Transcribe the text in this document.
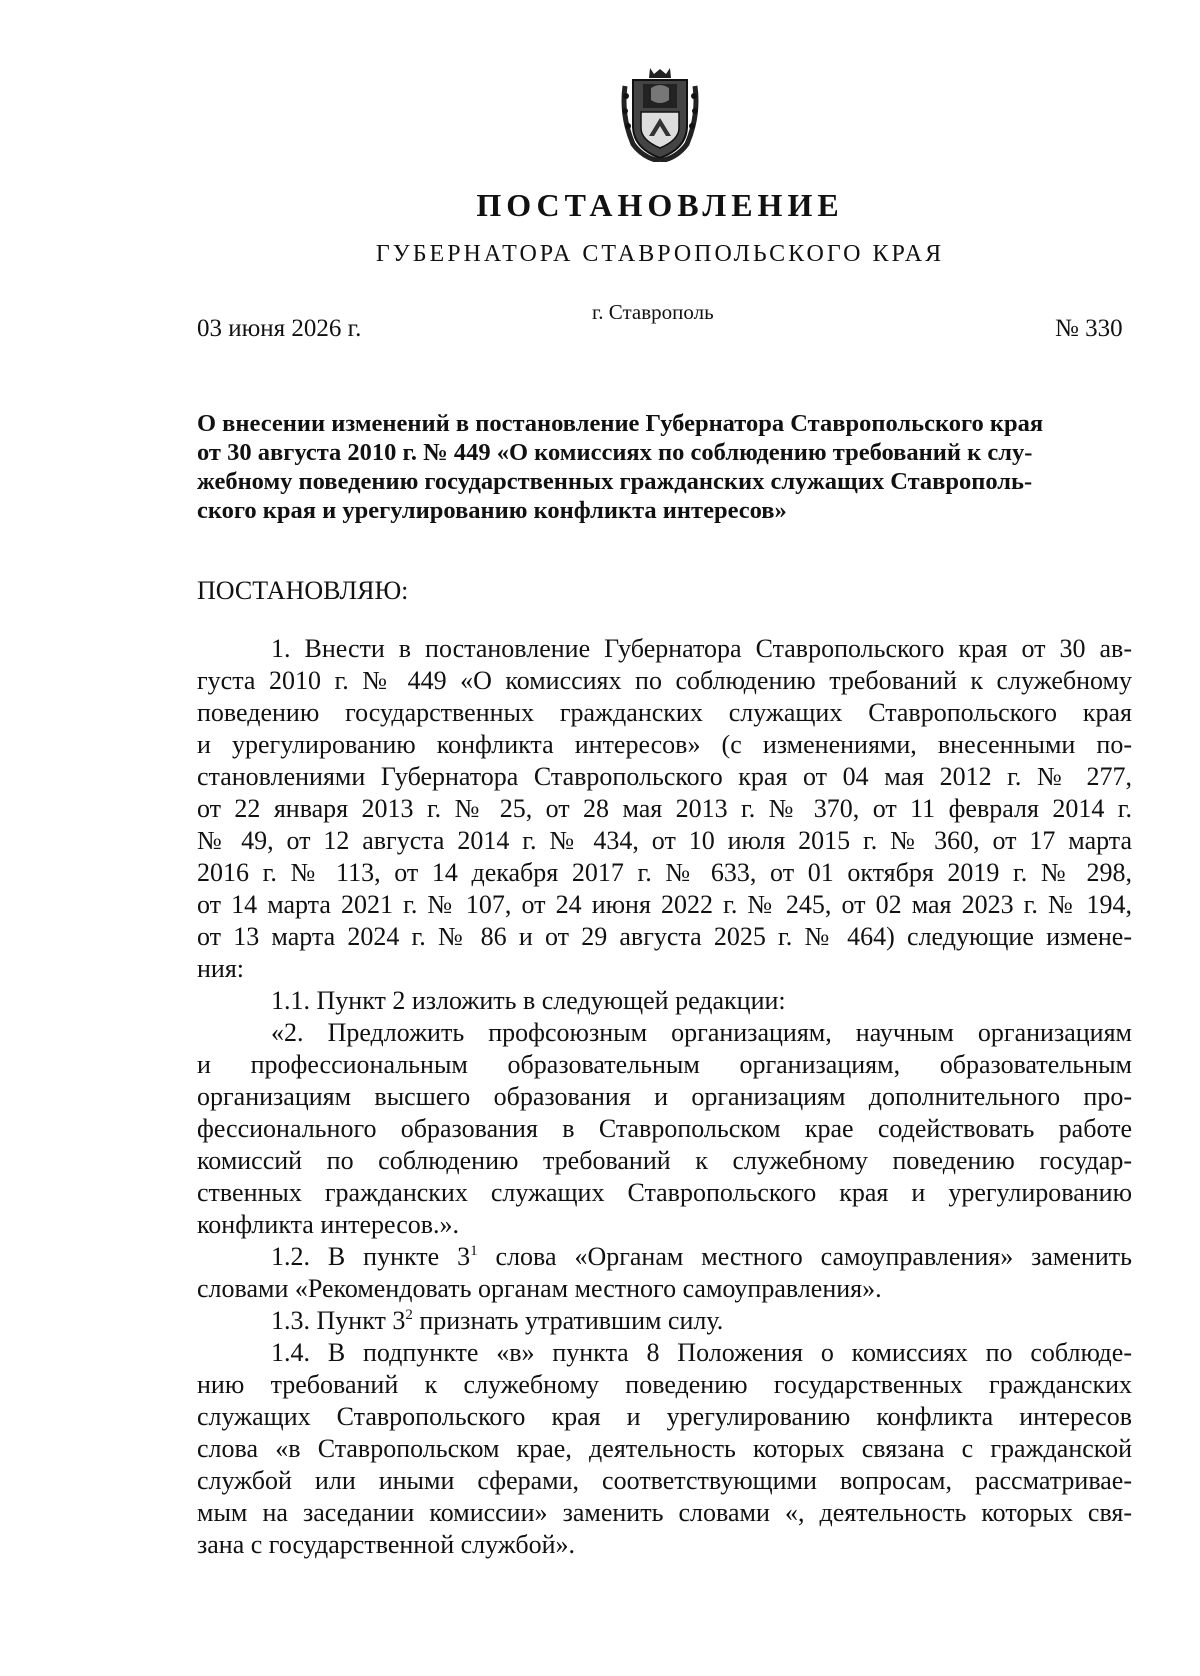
ПОСТАНОВЛЕНИЕ
ГУБЕРНАТОРА СТАВРОПОЛЬСКОГО КРАЯ
03 июня 2026 г.
г. Ставрополь
№ 330
О внесении изменений в постановление Губернатора Ставропольского края
от 30 августа 2010 г. № 449 «О комиссиях по соблюдению требований к слу-
жебному поведению государственных гражданских служащих Ставрополь-
ского края и урегулированию конфликта интересов»
ПОСТАНОВЛЯЮ:
1. Внести в постановление Губернатора Ставропольского края от 30 ав-
густа 2010 г. № 449 «О комиссиях по соблюдению требований к служебному
поведению государственных гражданских служащих Ставропольского края
и урегулированию конфликта интересов» (с изменениями, внесенными по-
становлениями Губернатора Ставропольского края от 04 мая 2012 г. № 277,
от 22 января 2013 г. № 25, от 28 мая 2013 г. № 370, от 11 февраля 2014 г.
№ 49, от 12 августа 2014 г. № 434, от 10 июля 2015 г. № 360, от 17 марта
2016 г. № 113, от 14 декабря 2017 г. № 633, от 01 октября 2019 г. № 298,
от 14 марта 2021 г. № 107, от 24 июня 2022 г. № 245, от 02 мая 2023 г. № 194,
от 13 марта 2024 г. № 86 и от 29 августа 2025 г. № 464) следующие измене-
ния:
1.1. Пункт 2 изложить в следующей редакции:
«2. Предложить профсоюзным организациям, научным организациям
и профессиональным образовательным организациям, образовательным
организациям высшего образования и организациям дополнительного про-
фессионального образования в Ставропольском крае содействовать работе
комиссий по соблюдению требований к служебному поведению государ-
ственных гражданских служащих Ставропольского края и урегулированию
конфликта интересов.».
1.2. В пункте $3^1$ слова «Органам местного самоуправления» заменить
словами «Рекомендовать органам местного самоуправления».
1.3. Пункт $3^2$ признать утратившим силу.
1.4. В подпункте «в» пункта 8 Положения о комиссиях по соблюде-
нию требований к служебному поведению государственных гражданских
служащих Ставропольского края и урегулированию конфликта интересов
слова «в Ставропольском крае, деятельность которых связана с гражданской
службой или иными сферами, соответствующими вопросам, рассматривае-
мым на заседании комиссии» заменить словами «, деятельность которых свя-
зана с государственной службой».
